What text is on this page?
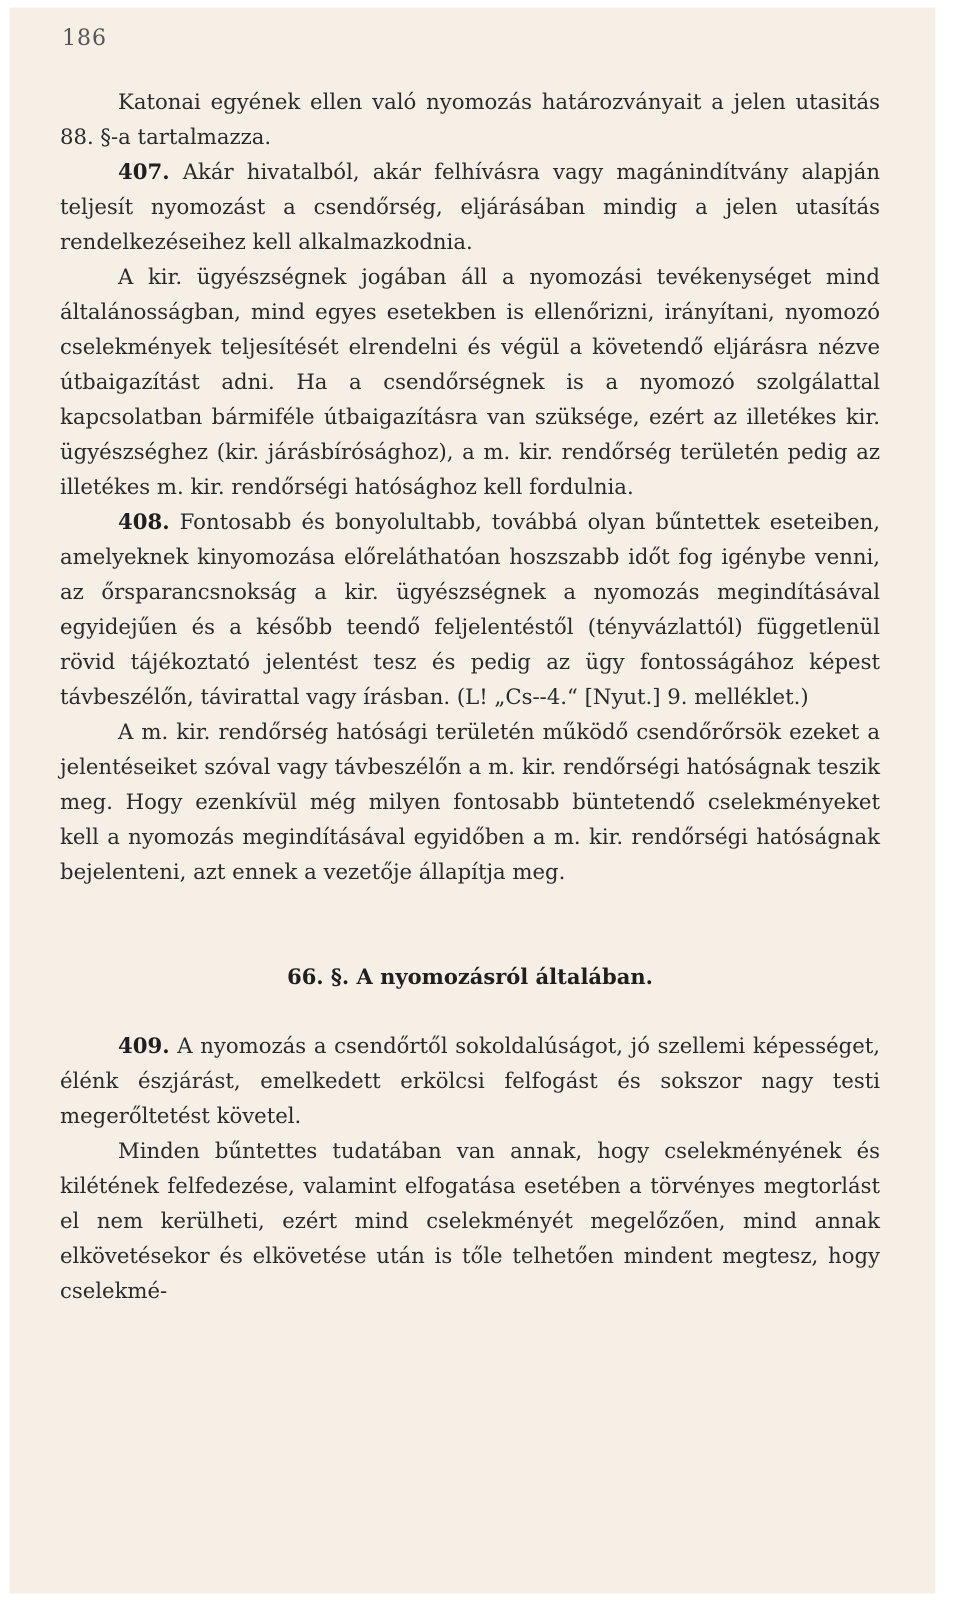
186

Katonai egyének ellen való nyomozás határozványait a jelen utasitás 88. §-a tartalmazza.

407. Akár hivatalból, akár felhívásra vagy magánindítvány alapján teljesít nyomozást a csendőrség, eljárásában mindig a jelen utasítás rendelkezéseihez kell alkalmazkodnia.

A kir. ügyészségnek jogában áll a nyomozási tevékenységet mind általánosságban, mind egyes esetekben is ellenőrizni, irányítani, nyomozó cselekmények teljesítését elrendelni és végül a követendő eljárásra nézve útbaigazítást adni. Ha a csendőrségnek is a nyomozó szolgálattal kapcsolatban bármiféle útbaigazításra van szüksége, ezért az illetékes kir. ügyészséghez (kir. járásbírósághoz), a m. kir. rendőrség területén pedig az illetékes m. kir. rendőrségi hatósághoz kell fordulnia.

408. Fontosabb és bonyolultabb, továbbá olyan bűntettek eseteiben, amelyeknek kinyomozása előreláthatóan hoszszabb időt fog igénybe venni, az őrsparancsnokság a kir. ügyészségnek a nyomozás megindításával egyidejűen és a később teendő feljelentéstől (tényvázlattól) függetlenül rövid tájékoztató jelentést tesz és pedig az ügy fontosságához képest távbeszélőn, távirattal vagy írásban. (L! „Cs--4.“ [Nyut.] 9. melléklet.)

A m. kir. rendőrség hatósági területén működő csendőrőrsök ezeket a jelentéseiket szóval vagy távbeszélőn a m. kir. rendőrségi hatóságnak teszik meg. Hogy ezenkívül még milyen fontosabb büntetendő cselekményeket kell a nyomozás megindításával egyidőben a m. kir. rendőrségi hatóságnak bejelenteni, azt ennek a vezetője állapítja meg.

66. §. A nyomozásról általában.

409. A nyomozás a csendőrtől sokoldalúságot, jó szellemi képességet, élénk észjárást, emelkedett erkölcsi felfogást és sokszor nagy testi megerőltetést követel.

Minden bűntettes tudatában van annak, hogy cselekményének és kilétének felfedezése, valamint elfogatása esetében a törvényes megtorlást el nem kerülheti, ezért mind cselekményét megelőzően, mind annak elkövetésekor és elkövetése után is tőle telhetően mindent megtesz, hogy cselekmé-
